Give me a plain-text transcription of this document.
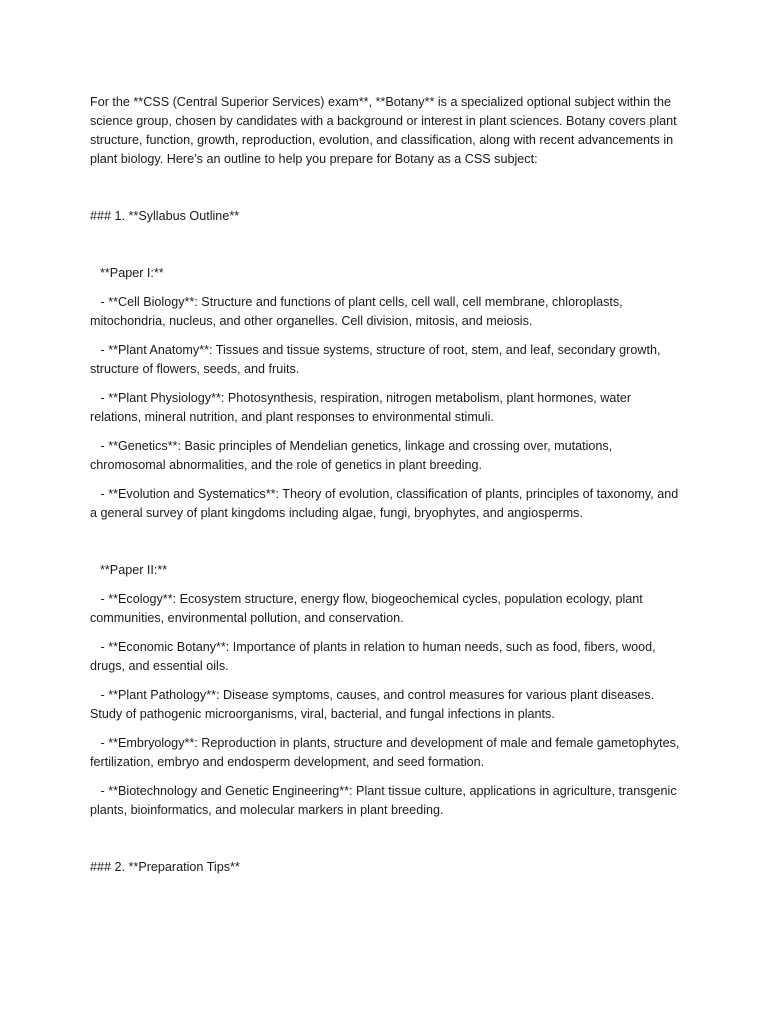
For the **CSS (Central Superior Services) exam**, **Botany** is a specialized optional subject within the science group, chosen by candidates with a background or interest in plant sciences. Botany covers plant structure, function, growth, reproduction, evolution, and classification, along with recent advancements in plant biology. Here’s an outline to help you prepare for Botany as a CSS subject:

### 1. **Syllabus Outline**

**Paper I:**

- **Cell Biology**: Structure and functions of plant cells, cell wall, cell membrane, chloroplasts, mitochondria, nucleus, and other organelles. Cell division, mitosis, and meiosis.

- **Plant Anatomy**: Tissues and tissue systems, structure of root, stem, and leaf, secondary growth, structure of flowers, seeds, and fruits.

- **Plant Physiology**: Photosynthesis, respiration, nitrogen metabolism, plant hormones, water relations, mineral nutrition, and plant responses to environmental stimuli.

- **Genetics**: Basic principles of Mendelian genetics, linkage and crossing over, mutations, chromosomal abnormalities, and the role of genetics in plant breeding.

- **Evolution and Systematics**: Theory of evolution, classification of plants, principles of taxonomy, and a general survey of plant kingdoms including algae, fungi, bryophytes, and angiosperms.

**Paper II:**

- **Ecology**: Ecosystem structure, energy flow, biogeochemical cycles, population ecology, plant communities, environmental pollution, and conservation.

- **Economic Botany**: Importance of plants in relation to human needs, such as food, fibers, wood, drugs, and essential oils.

- **Plant Pathology**: Disease symptoms, causes, and control measures for various plant diseases. Study of pathogenic microorganisms, viral, bacterial, and fungal infections in plants.

- **Embryology**: Reproduction in plants, structure and development of male and female gametophytes, fertilization, embryo and endosperm development, and seed formation.

- **Biotechnology and Genetic Engineering**: Plant tissue culture, applications in agriculture, transgenic plants, bioinformatics, and molecular markers in plant breeding.

### 2. **Preparation Tips**
